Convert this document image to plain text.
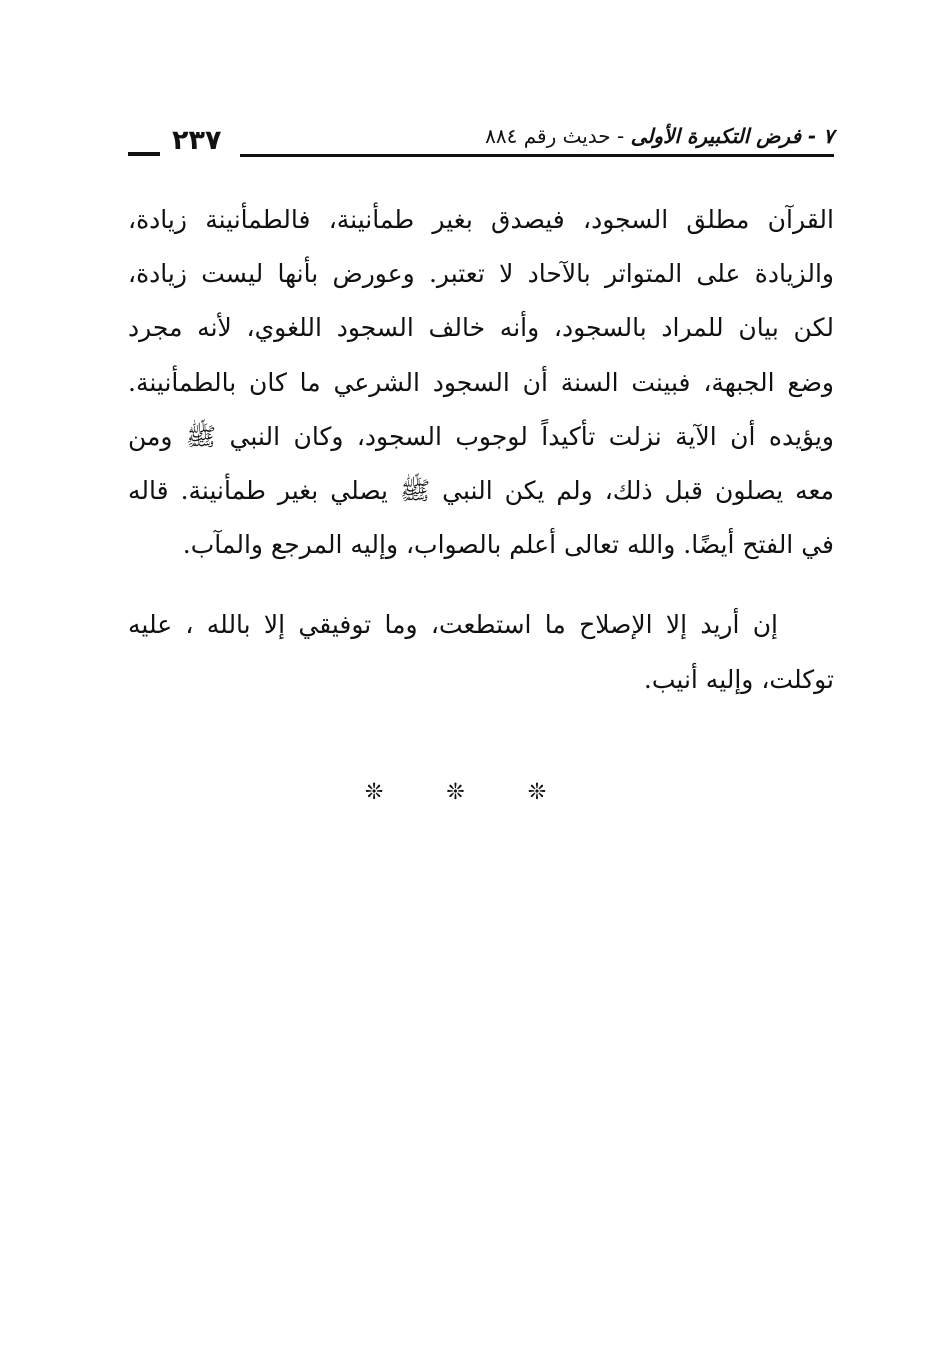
٢٣٧	٧ - فرض التكبيرة الأولى - حديث رقم ٨٨٤
القرآن مطلق السجود، فيصدق بغير طمأنينة، فالطمأنينة زيادة،
والزيادة على المتواتر بالآحاد لا تعتبر. وعورض بأنها ليست زيادة،
لكن بيان للمراد بالسجود، وأنه خالف السجود اللغوي، لأنه مجرد
وضع الجبهة، فبينت السنة أن السجود الشرعي ما كان بالطمأنينة.
ويؤيده أن الآية نزلت تأكيداً لوجوب السجود، وكان النبي ﷺ ومن
معه يصلون قبل ذلك، ولم يكن النبي ﷺ يصلي بغير طمأنينة. قاله
في الفتح أيضًا. والله تعالى أعلم بالصواب، وإليه المرجع والمآب.
إن أريد إلا الإصلاح ما استطعت، وما توفيقي إلا بالله ، عليه
توكلت، وإليه أنيب.
❊ ❊ ❊
